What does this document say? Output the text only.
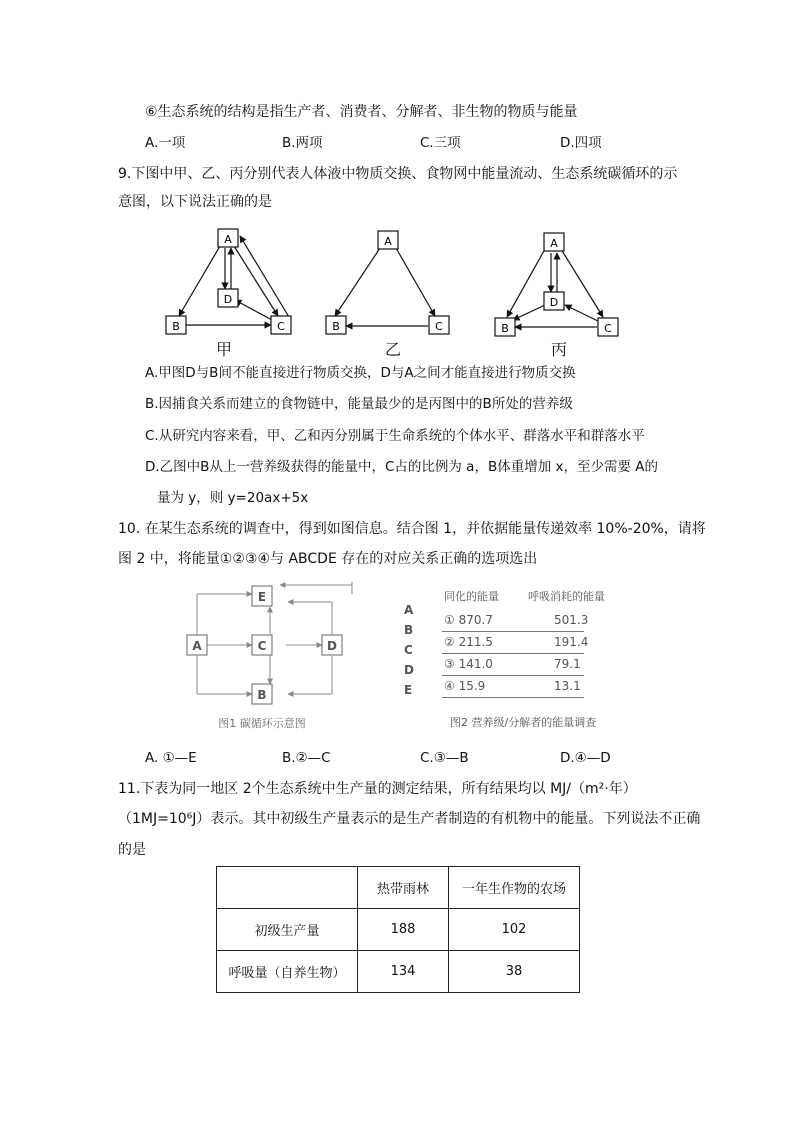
⑥生态系统的结构是指生产者、消费者、分解者、非生物的物质与能量
A.一项	B.两项	C.三项	D.四项
9.下图中甲、乙、丙分别代表人体液中物质交换、食物网中能量流动、生态系统碳循环的示
意图，以下说法正确的是
A
D
B	C
A
B	C
A
D
B	C
甲	乙	丙
A.甲图D与B间不能直接进行物质交换，D与A之间才能直接进行物质交换
B.因捕食关系而建立的食物链中，能量最少的是丙图中的B所处的营养级
C.从研究内容来看，甲、乙和丙分别属于生命系统的个体水平、群落水平和群落水平
D.乙图中B从上一营养级获得的能量中，C占的比例为 a，B体重增加 x，至少需要 A的
量为 y，则 y=20ax+5x
10. 在某生态系统的调查中，得到如图信息。结合图 1，并依据能量传递效率 10%-20%，请将
图 2 中，将能量①②③④与 ABCDE 存在的对应关系正确的选项选出
E
A	C	D
B
图1 碳循环示意图
A
B
C
D
E
同化的能量	呼吸消耗的能量
① 870.7	501.3
② 211.5	191.4
③ 141.0	79.1
④ 15.9	13.1
图2 营养级/分解者的能量调查
A. ①—E	B.②—C	C.③—B	D.④—D
11.下表为同一地区 2个生态系统中生产量的测定结果，所有结果均以 MJ/（m²·年）
（1MJ=10⁶J）表示。其中初级生产量表示的是生产者制造的有机物中的能量。下列说法不正确
的是
	热带雨林	一年生作物的农场
初级生产量	188	102
呼吸量（自养生物）	134	38
